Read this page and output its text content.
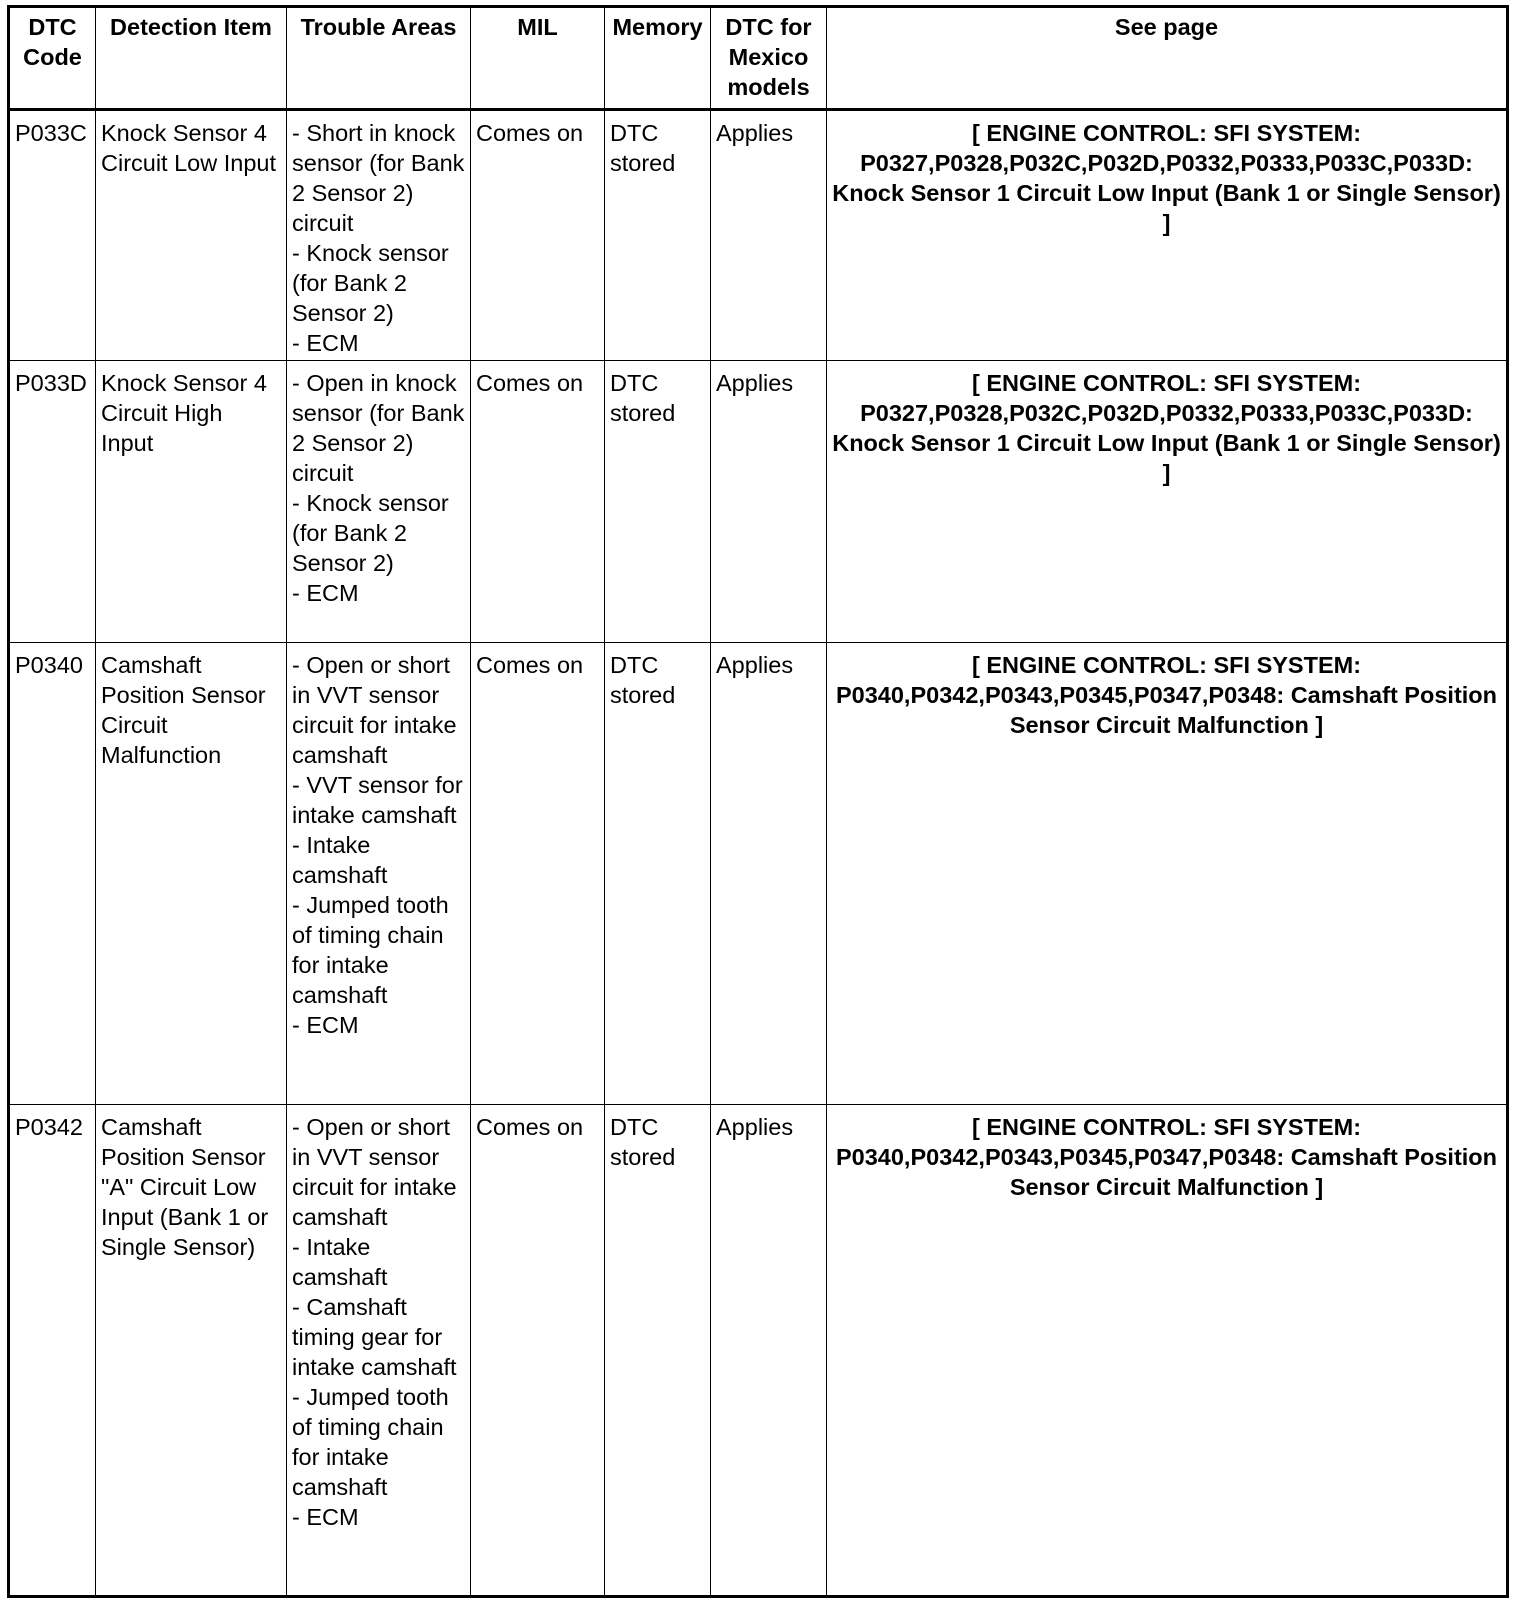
DTC Code	Detection Item	Trouble Areas	MIL	Memory	DTC for Mexico models	See page
P033C	Knock Sensor 4 Circuit Low Input	- Short in knock sensor (for Bank 2 Sensor 2) circuit
- Knock sensor (for Bank 2 Sensor 2)
- ECM	Comes on	DTC stored	Applies	[ ENGINE CONTROL: SFI SYSTEM: P0327,P0328,P032C,P032D,P0332,P0333,P033C,P033D: Knock Sensor 1 Circuit Low Input (Bank 1 or Single Sensor) ]
P033D	Knock Sensor 4 Circuit High Input	- Open in knock sensor (for Bank 2 Sensor 2) circuit
- Knock sensor (for Bank 2 Sensor 2)
- ECM	Comes on	DTC stored	Applies	[ ENGINE CONTROL: SFI SYSTEM: P0327,P0328,P032C,P032D,P0332,P0333,P033C,P033D: Knock Sensor 1 Circuit Low Input (Bank 1 or Single Sensor) ]
P0340	Camshaft Position Sensor Circuit Malfunction	- Open or short in VVT sensor circuit for intake camshaft
- VVT sensor for intake camshaft
- Intake camshaft
- Jumped tooth of timing chain for intake camshaft
- ECM	Comes on	DTC stored	Applies	[ ENGINE CONTROL: SFI SYSTEM: P0340,P0342,P0343,P0345,P0347,P0348: Camshaft Position Sensor Circuit Malfunction ]
P0342	Camshaft Position Sensor "A" Circuit Low Input (Bank 1 or Single Sensor)	- Open or short in VVT sensor circuit for intake camshaft
- Intake camshaft
- Camshaft timing gear for intake camshaft
- Jumped tooth of timing chain for intake camshaft
- ECM	Comes on	DTC stored	Applies	[ ENGINE CONTROL: SFI SYSTEM: P0340,P0342,P0343,P0345,P0347,P0348: Camshaft Position Sensor Circuit Malfunction ]
